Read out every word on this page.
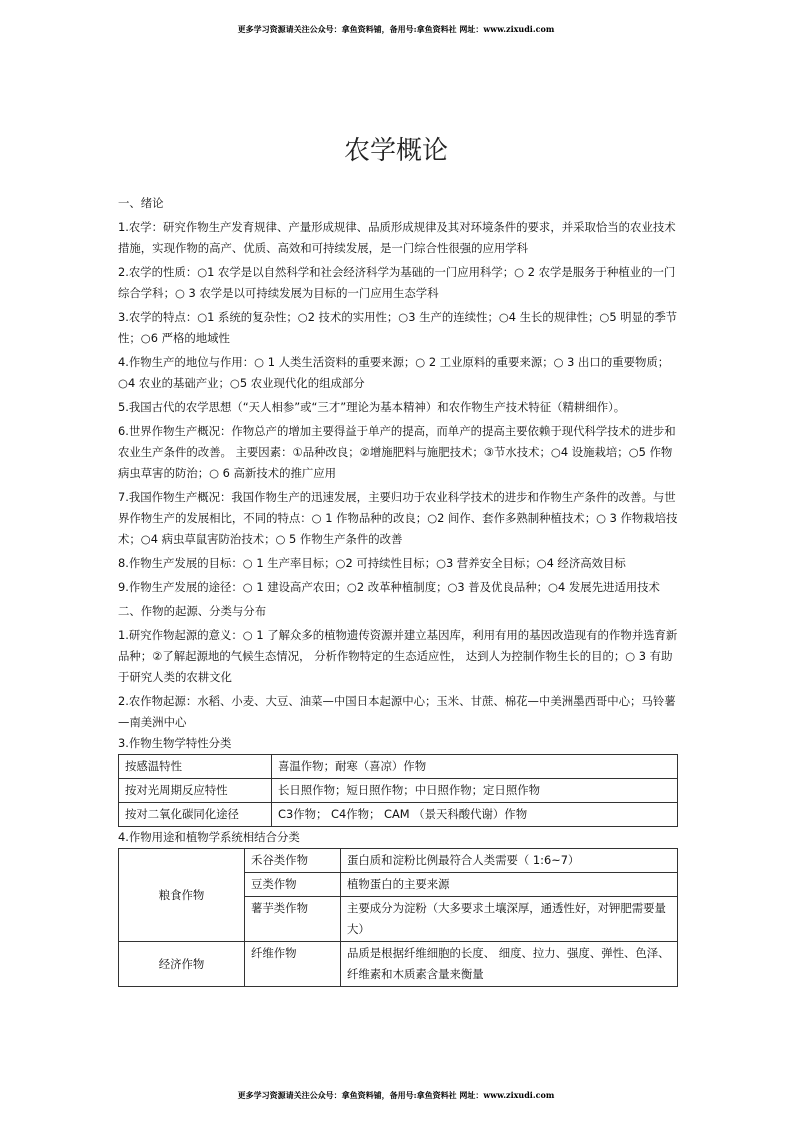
更多学习资源请关注公众号：拿鱼资料铺，备用号:拿鱼资料社 网址：www.zixudi.com
农学概论

一、绪论

1.农学：研究作物生产发育规律、产量形成规律、品质形成规律及其对环境条件的要求，并采取恰当的农业技术措施，实现作物的高产、优质、高效和可持续发展，是一门综合性很强的应用学科

2.农学的性质：○1 农学是以自然科学和社会经济科学为基础的一门应用科学；○ 2 农学是服务于种植业的一门综合学科；○ 3 农学是以可持续发展为目标的一门应用生态学科

3.农学的特点：○1 系统的复杂性；○2 技术的实用性；○3 生产的连续性；○4 生长的规律性；○5 明显的季节性；○6 严格的地域性

4.作物生产的地位与作用：○ 1 人类生活资料的重要来源；○ 2 工业原料的重要来源；○ 3 出口的重要物质；○4 农业的基础产业；○5 农业现代化的组成部分

5.我国古代的农学思想（“天人相参”或“三才”理论为基本精神）和农作物生产技术特征（精耕细作）。

6.世界作物生产概况：作物总产的增加主要得益于单产的提高，而单产的提高主要依赖于现代科学技术的进步和农业生产条件的改善。 主要因素：①品种改良；②增施肥料与施肥技术；③节水技术；○4 设施栽培；○5 作物病虫草害的防治；○ 6 高新技术的推广应用

7.我国作物生产概况：我国作物生产的迅速发展，主要归功于农业科学技术的进步和作物生产条件的改善。与世界作物生产的发展相比，不同的特点：○ 1 作物品种的改良；○2 间作、套作多熟制种植技术；○ 3 作物栽培技术；○4 病虫草鼠害防治技术；○ 5 作物生产条件的改善

8.作物生产发展的目标：○ 1 生产率目标；○2 可持续性目标；○3 营养安全目标；○4 经济高效目标

9.作物生产发展的途径：○ 1 建设高产农田；○2 改革种植制度；○3 普及优良品种；○4 发展先进适用技术

二、作物的起源、分类与分布

1.研究作物起源的意义：○ 1 了解众多的植物遗传资源并建立基因库，利用有用的基因改造现有的作物并选育新品种；②了解起源地的气候生态情况， 分析作物特定的生态适应性， 达到人为控制作物生长的目的；○ 3 有助于研究人类的农耕文化

2.农作物起源：水稻、小麦、大豆、油菜—中国日本起源中心；玉米、甘蔗、棉花—中美洲墨西哥中心；马铃薯—南美洲中心

3.作物生物学特性分类

按感温特性	喜温作物；耐寒（喜凉）作物
按对光周期反应特性	长日照作物；短日照作物；中日照作物；定日照作物
按对二氧化碳同化途径	C3作物； C4作物； CAM （景天科酸代谢）作物

4.作物用途和植物学系统相结合分类

粮食作物	禾谷类作物	蛋白质和淀粉比例最符合人类需要（ 1:6~7）
	豆类作物	植物蛋白的主要来源
	薯芋类作物	主要成分为淀粉（大多要求土壤深厚，通透性好，对钾肥需要量大）
经济作物	纤维作物	品质是根据纤维细胞的长度、 细度、拉力、强度、弹性、色泽、纤维素和木质素含量来衡量
更多学习资源请关注公众号：拿鱼资料铺，备用号:拿鱼资料社 网址：www.zixudi.com
